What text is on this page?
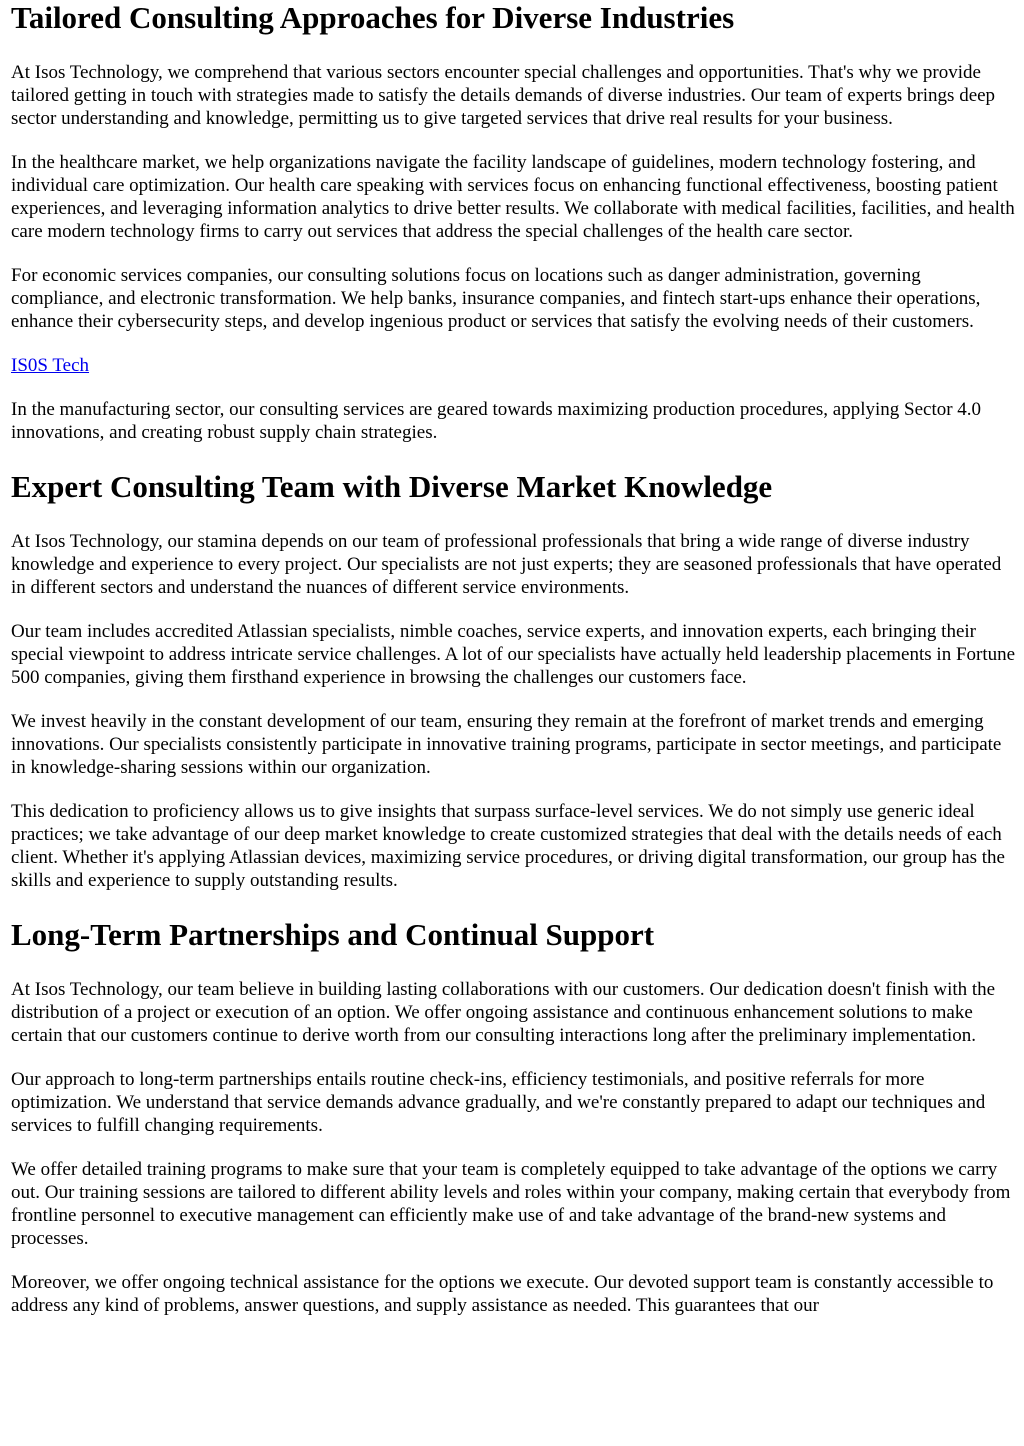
Tailored Consulting Approaches for Diverse Industries

At Isos Technology, we comprehend that various sectors encounter special challenges and opportunities. That's why we provide tailored getting in touch with strategies made to satisfy the details demands of diverse industries. Our team of experts brings deep sector understanding and knowledge, permitting us to give targeted services that drive real results for your business.

In the healthcare market, we help organizations navigate the facility landscape of guidelines, modern technology fostering, and individual care optimization. Our health care speaking with services focus on enhancing functional effectiveness, boosting patient experiences, and leveraging information analytics to drive better results. We collaborate with medical facilities, facilities, and health care modern technology firms to carry out services that address the special challenges of the health care sector.

For economic services companies, our consulting solutions focus on locations such as danger administration, governing compliance, and electronic transformation. We help banks, insurance companies, and fintech start-ups enhance their operations, enhance their cybersecurity steps, and develop ingenious product or services that satisfy the evolving needs of their customers.

IS0S Tech

In the manufacturing sector, our consulting services are geared towards maximizing production procedures, applying Sector 4.0 innovations, and creating robust supply chain strategies.

Expert Consulting Team with Diverse Market Knowledge

At Isos Technology, our stamina depends on our team of professional professionals that bring a wide range of diverse industry knowledge and experience to every project. Our specialists are not just experts; they are seasoned professionals that have operated in different sectors and understand the nuances of different service environments.

Our team includes accredited Atlassian specialists, nimble coaches, service experts, and innovation experts, each bringing their special viewpoint to address intricate service challenges. A lot of our specialists have actually held leadership placements in Fortune 500 companies, giving them firsthand experience in browsing the challenges our customers face.

We invest heavily in the constant development of our team, ensuring they remain at the forefront of market trends and emerging innovations. Our specialists consistently participate in innovative training programs, participate in sector meetings, and participate in knowledge-sharing sessions within our organization.

This dedication to proficiency allows us to give insights that surpass surface-level services. We do not simply use generic ideal practices; we take advantage of our deep market knowledge to create customized strategies that deal with the details needs of each client. Whether it's applying Atlassian devices, maximizing service procedures, or driving digital transformation, our group has the skills and experience to supply outstanding results.

Long-Term Partnerships and Continual Support

At Isos Technology, our team believe in building lasting collaborations with our customers. Our dedication doesn't finish with the distribution of a project or execution of an option. We offer ongoing assistance and continuous enhancement solutions to make certain that our customers continue to derive worth from our consulting interactions long after the preliminary implementation.

Our approach to long-term partnerships entails routine check-ins, efficiency testimonials, and positive referrals for more optimization. We understand that service demands advance gradually, and we're constantly prepared to adapt our techniques and services to fulfill changing requirements.

We offer detailed training programs to make sure that your team is completely equipped to take advantage of the options we carry out. Our training sessions are tailored to different ability levels and roles within your company, making certain that everybody from frontline personnel to executive management can efficiently make use of and take advantage of the brand-new systems and processes.

Moreover, we offer ongoing technical assistance for the options we execute. Our devoted support team is constantly accessible to address any kind of problems, answer questions, and supply assistance as needed. This guarantees that our
